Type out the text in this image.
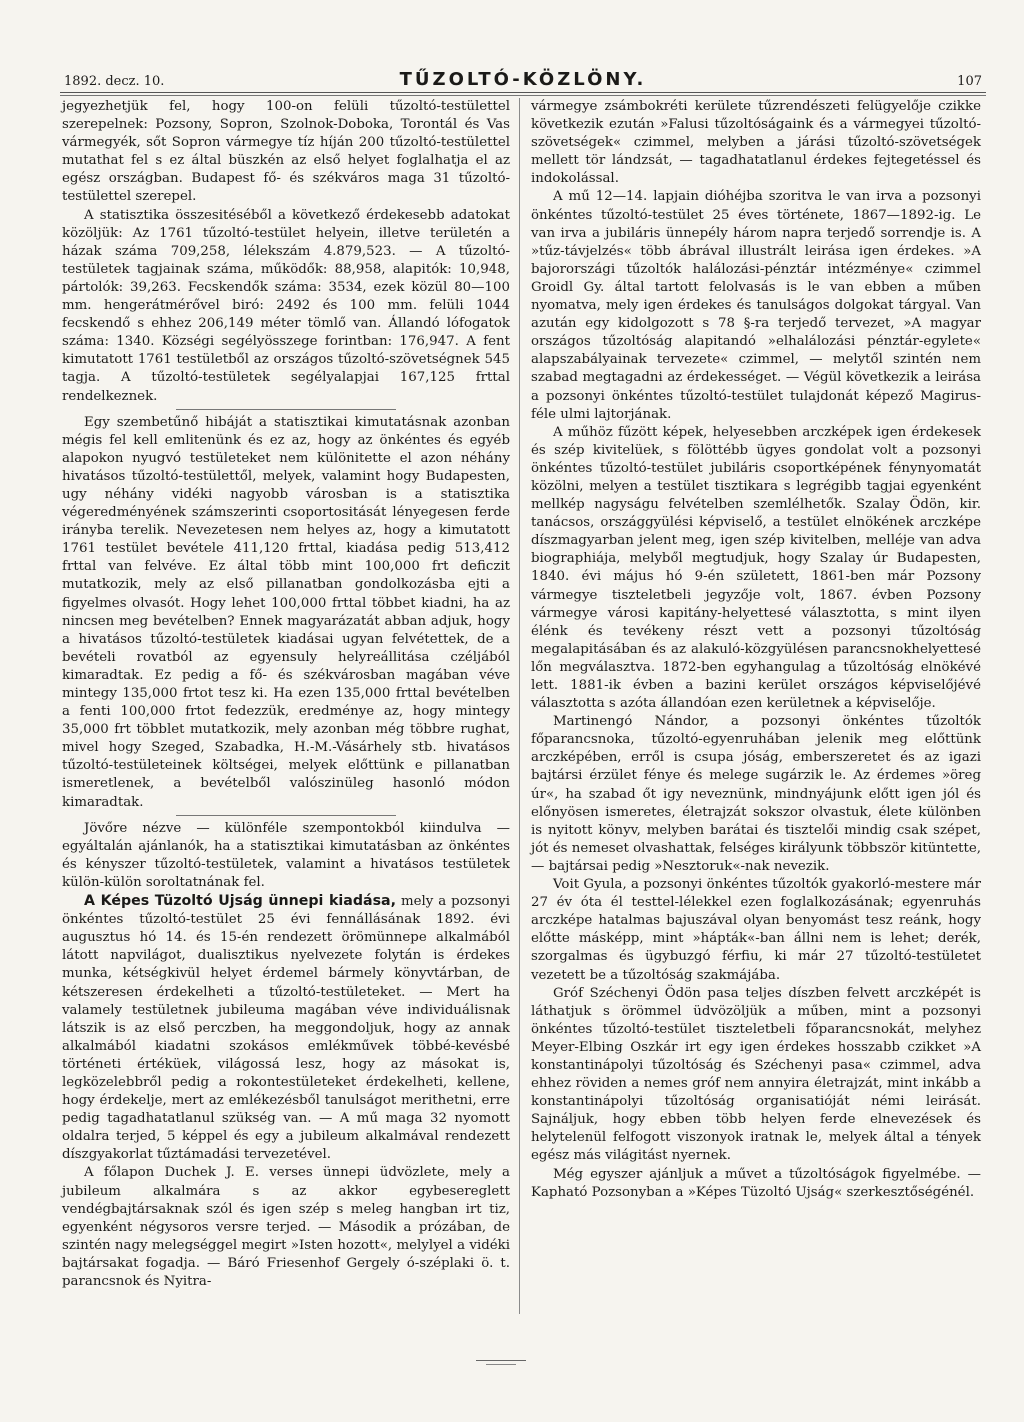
1892. decz. 10.	TŰZOLTÓ-KÖZLÖNY.	107

jegyezhetjük fel, hogy 100-on felüli tűzoltó-testülettel szerepelnek: Pozsony, Sopron, Szolnok-Doboka, Torontál és Vas vármegyék, sőt Sopron vármegye tíz híján 200 tűzoltó-testülettel mutathat fel s ez által büszkén az első helyet foglalhatja el az egész országban. Budapest fő- és székváros maga 31 tűzoltó-testülettel szerepel.

A statisztika összesitéséből a következő érdekesebb adatokat közöljük: Az 1761 tűzoltó-testület helyein, illetve területén a házak száma 709,258, lélekszám 4.879,523. — A tűzoltó-testületek tagjainak száma, működők: 88,958, alapitók: 10,948, pártolók: 39,263. Fecskendők száma: 3534, ezek közül 80—100 mm. hengerátmérővel biró: 2492 és 100 mm. felüli 1044 fecskendő s ehhez 206,149 méter tömlő van. Állandó lófogatok száma: 1340. Községi segélyösszege forintban: 176,947. A fent kimutatott 1761 testületből az országos tűzoltó-szövetségnek 545 tagja. A tűzoltó-testületek segélyalapjai 167,125 frttal rendelkeznek.

Egy szembetűnő hibáját a statisztikai kimutatásnak azonban mégis fel kell emlitenünk és ez az, hogy az önkéntes és egyéb alapokon nyugvó testületeket nem különitette el azon néhány hivatásos tűzoltó-testülettől, melyek, valamint hogy Budapesten, ugy néhány vidéki nagyobb városban is a statisztika végeredményének számszerinti csoportositását lényegesen ferde irányba terelik. Nevezetesen nem helyes az, hogy a kimutatott 1761 testület bevétele 411,120 frttal, kiadása pedig 513,412 frttal van felvéve. Ez által több mint 100,000 frt deficzit mutatkozik, mely az első pillanatban gondolkozásba ejti a figyelmes olvasót. Hogy lehet 100,000 frttal többet kiadni, ha az nincsen meg bevételben? Ennek magyarázatát abban adjuk, hogy a hivatásos tűzoltó-testületek kiadásai ugyan felvétettek, de a bevételi rovatból az egyensuly helyreállitása czéljából kimaradtak. Ez pedig a fő- és székvárosban magában véve mintegy 135,000 frtot tesz ki. Ha ezen 135,000 frttal bevételben a fenti 100,000 frtot fedezzük, eredménye az, hogy mintegy 35,000 frt többlet mutatkozik, mely azonban még többre rughat, mivel hogy Szeged, Szabadka, H.-M.-Vásárhely stb. hivatásos tűzoltó-testületeinek költségei, melyek előttünk e pillanatban ismeretlenek, a bevételből valószinüleg hasonló módon kimaradtak.

Jövőre nézve — különféle szempontokból kiindulva — egyáltalán ajánlanók, ha a statisztikai kimutatásban az önkéntes és kényszer tűzoltó-testületek, valamint a hivatásos testületek külön-külön soroltatnának fel.

A Képes Tüzoltó Ujság ünnepi kiadása, mely a pozsonyi önkéntes tűzoltó-testület 25 évi fennállásának 1892. évi augusztus hó 14. és 15-én rendezett örömünnepe alkalmából látott napvilágot, dualisztikus nyelvezete folytán is érdekes munka, kétségkivül helyet érdemel bármely könyvtárban, de kétszeresen érdekelheti a tűzoltó-testületeket. — Mert ha valamely testületnek jubileuma magában véve individuálisnak látszik is az első perczben, ha meggondoljuk, hogy az annak alkalmából kiadatni szokásos emlékművek többé-kevésbé történeti értéküek, világossá lesz, hogy az másokat is, legközelebbről pedig a rokontestületeket érdekelheti, kellene, hogy érdekelje, mert az emlékezésből tanulságot merithetni, erre pedig tagadhatatlanul szükség van. — A mű maga 32 nyomott oldalra terjed, 5 képpel és egy a jubileum alkalmával rendezett díszgyakorlat tűztámadási tervezetével.

A főlapon Duchek J. E. verses ünnepi üdvözlete, mely a jubileum alkalmára s az akkor egybesereglett vendégbajtársaknak szól és igen szép s meleg hangban irt tiz, egyenként négysoros versre terjed. — Második a prózában, de szintén nagy melegséggel megirt »Isten hozott«, melylyel a vidéki bajtársakat fogadja. — Báró Friesenhof Gergely ó-széplaki ö. t. parancsnok és Nyitra-

vármegye zsámbokréti kerülete tűzrendészeti felügyelője czikke következik ezután »Falusi tűzoltóságaink és a vármegyei tűzoltó-szövetségek« czimmel, melyben a járási tűzoltó-szövetségek mellett tör lándzsát, — tagadhatatlanul érdekes fejtegetéssel és indokolással.

A mű 12—14. lapjain dióhéjba szoritva le van irva a pozsonyi önkéntes tűzoltó-testület 25 éves története, 1867—1892-ig. Le van irva a jubiláris ünnepély három napra terjedő sorrendje is. A »tűz-távjelzés« több ábrával illustrált leirása igen érdekes. »A bajorországi tűzoltók halálozási-pénztár intézménye« czimmel Groidl Gy. által tartott felolvasás is le van ebben a műben nyomatva, mely igen érdekes és tanulságos dolgokat tárgyal. Van azután egy kidolgozott s 78 §-ra terjedő tervezet, »A magyar országos tűzoltóság alapitandó »elhalálozási pénztár-egylete« alapszabályainak tervezete« czimmel, — melytől szintén nem szabad megtagadni az érdekességet. — Végül következik a leirása a pozsonyi önkéntes tűzoltó-testület tulajdonát képező Magirus-féle ulmi lajtorjának.

A műhöz fűzött képek, helyesebben arczképek igen érdekesek és szép kivitelüek, s fölöttébb ügyes gondolat volt a pozsonyi önkéntes tűzoltó-testület jubiláris csoportképének fénynyomatát közölni, melyen a testület tisztikara s legrégibb tagjai egyenként mellkép nagyságu felvételben szemlélhetők. Szalay Ödön, kir. tanácsos, országgyülési képviselő, a testület elnökének arczképe díszmagyarban jelent meg, igen szép kivitelben, melléje van adva biographiája, melyből megtudjuk, hogy Szalay úr Budapesten, 1840. évi május hó 9-én született, 1861-ben már Pozsony vármegye tiszteletbeli jegyzője volt, 1867. évben Pozsony vármegye városi kapitány-helyettesé választotta, s mint ilyen élénk és tevékeny részt vett a pozsonyi tűzoltóság megalapitásában és az alakuló-közgyülésen parancsnokhelyettesé lőn megválasztva. 1872-ben egyhangulag a tűzoltóság elnökévé lett. 1881-ik évben a bazini kerület országos képviselőjévé választotta s azóta állandóan ezen kerületnek a képviselője.

Martinengó Nándor, a pozsonyi önkéntes tűzoltók főparancsnoka, tűzoltó-egyenruhában jelenik meg előttünk arczképében, erről is csupa jóság, emberszeretet és az igazi bajtársi érzület fénye és melege sugárzik le. Az érdemes »öreg úr«, ha szabad őt igy neveznünk, mindnyájunk előtt igen jól és előnyösen ismeretes, életrajzát sokszor olvastuk, élete különben is nyitott könyv, melyben barátai és tisztelői mindig csak szépet, jót és nemeset olvashattak, felséges királyunk többször kitüntette, — bajtársai pedig »Nesztoruk«-nak nevezik.

Voit Gyula, a pozsonyi önkéntes tűzoltók gyakorló-mestere már 27 év óta él testtel-lélekkel ezen foglalkozásának; egyenruhás arczképe hatalmas bajuszával olyan benyomást tesz reánk, hogy előtte másképp, mint »hápták«-ban állni nem is lehet; derék, szorgalmas és ügybuzgó férfiu, ki már 27 tűzoltó-testületet vezetett be a tűzoltóság szakmájába.

Gróf Széchenyi Ödön pasa teljes díszben felvett arczképét is láthatjuk s örömmel üdvözöljük a műben, mint a pozsonyi önkéntes tűzoltó-testület tiszteletbeli főparancsnokát, melyhez Meyer-Elbing Oszkár irt egy igen érdekes hosszabb czikket »A konstantinápolyi tűzoltóság és Széchenyi pasa« czimmel, adva ehhez röviden a nemes gróf nem annyira életrajzát, mint inkább a konstantinápolyi tűzoltóság organisatióját némi leirását. Sajnáljuk, hogy ebben több helyen ferde elnevezések és helytelenül felfogott viszonyok iratnak le, melyek által a tények egész más világitást nyernek.

Még egyszer ajánljuk a művet a tűzoltóságok figyelmébe. — Kapható Pozsonyban a »Képes Tüzoltó Ujság« szerkesztőségénél.
